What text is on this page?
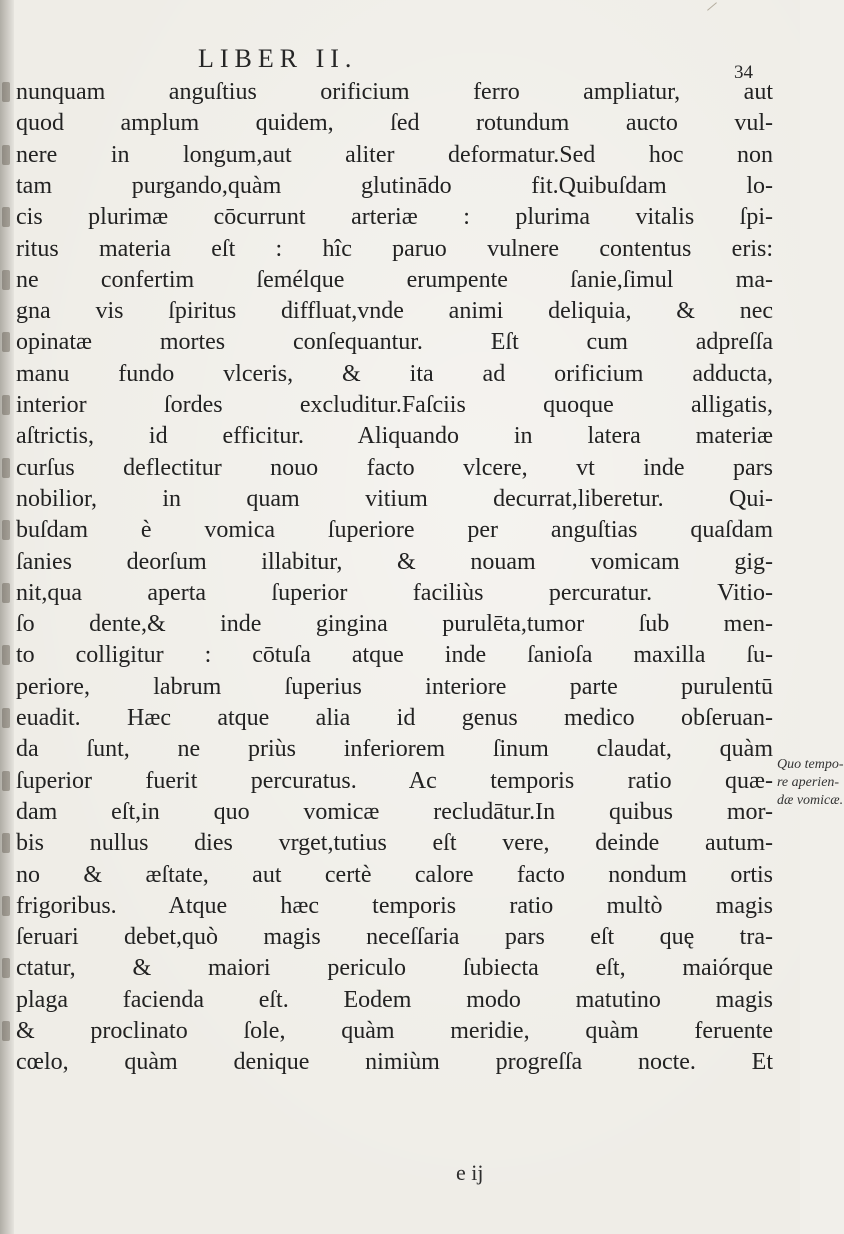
LIBER II.	34
nunquam anguſtius orificium ferro ampliatur, aut
quod amplum quidem, ſed rotundum aucto vul-
nere in longum,aut aliter deformatur.Sed hoc non
tam purgando,quàm glutinādo fit.Quibuſdam lo-
cis plurimæ cōcurrunt arteriæ : plurima vitalis ſpi-
ritus materia eſt : hîc paruo vulnere contentus eris:
ne confertim ſemélque erumpente ſanie,ſimul ma-
gna vis ſpiritus diffluat,vnde animi deliquia, & nec
opinatæ mortes conſequantur. Eſt cum adpreſſa
manu fundo vlceris, & ita ad orificium adducta,
interior ſordes excluditur.Faſciis quoque alligatis,
aſtrictis, id efficitur. Aliquando in latera materiæ
curſus deflectitur nouo facto vlcere, vt inde pars
nobilior, in quam vitium decurrat,liberetur. Qui-
buſdam è vomica ſuperiore per anguſtias quaſdam
ſanies deorſum illabitur, & nouam vomicam gig-
nit,qua aperta ſuperior faciliùs percuratur. Vitio-
ſo dente,& inde gingina purulēta,tumor ſub men-
to colligitur : cōtuſa atque inde ſanioſa maxilla ſu-
periore, labrum ſuperius interiore parte purulentū
euadit. Hæc atque alia id genus medico obſeruan-
da ſunt, ne priùs inferiorem ſinum claudat, quàm
ſuperior fuerit percuratus. Ac temporis ratio quæ-
dam eſt,in quo vomicæ recludātur.In quibus mor-
bis nullus dies vrget,tutius eſt vere, deinde autum-
no & æſtate, aut certè calore facto nondum ortis
frigoribus. Atque hæc temporis ratio multò magis
ſeruari debet,quò magis neceſſaria pars eſt quę tra-
ctatur, & maiori periculo ſubiecta eſt, maiórque
plaga facienda eſt. Eodem modo matutino magis
& proclinato ſole, quàm meridie, quàm feruente
cœlo, quàm denique nimiùm progreſſa nocte. Et
Quo tempo-
re aperien-
dæ vomicæ.
e ij
